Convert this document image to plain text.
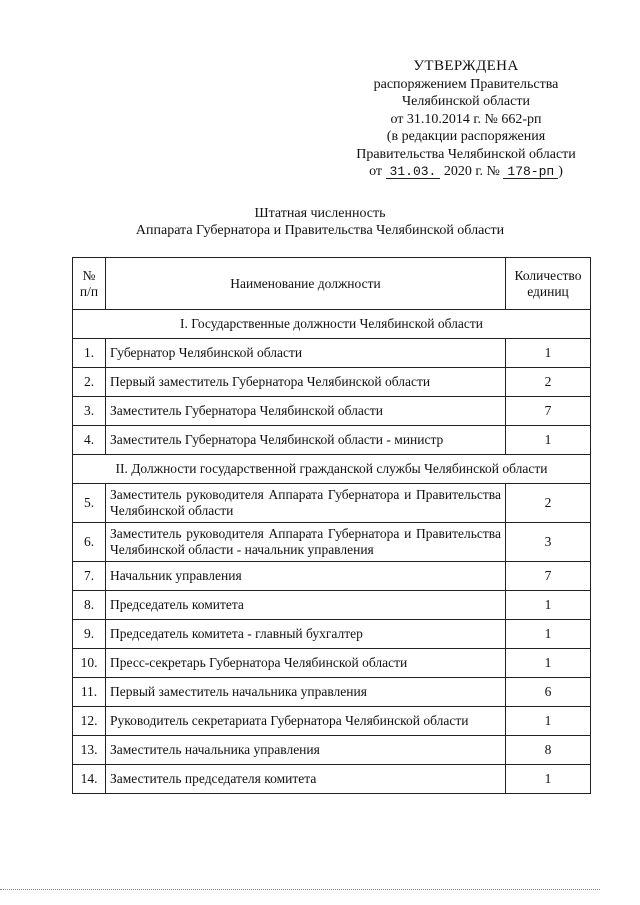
УТВЕРЖДЕНА
распоряжением Правительства
Челябинской области
от 31.10.2014 г. № 662-рп
(в редакции распоряжения
Правительства Челябинской области
от 31.03. 2020 г. № 178-рп )
Штатная численность
Аппарата Губернатора и Правительства Челябинской области
№ п/п	Наименование должности	Количество единиц
I. Государственные должности Челябинской области		
1.	Губернатор Челябинской области	1
2.	Первый заместитель Губернатора Челябинской области	2
3.	Заместитель Губернатора Челябинской области	7
4.	Заместитель Губернатора Челябинской области - министр	1
II. Должности государственной гражданской службы Челябинской области		
5.	Заместитель руководителя Аппарата Губернатора и Правительства Челябинской области	2
6.	Заместитель руководителя Аппарата Губернатора и Правительства Челябинской области - начальник управления	3
7.	Начальник управления	7
8.	Председатель комитета	1
9.	Председатель комитета - главный бухгалтер	1
10.	Пресс-секретарь Губернатора Челябинской области	1
11.	Первый заместитель начальника управления	6
12.	Руководитель секретариата Губернатора Челябинской области	1
13.	Заместитель начальника управления	8
14.	Заместитель председателя комитета	1
